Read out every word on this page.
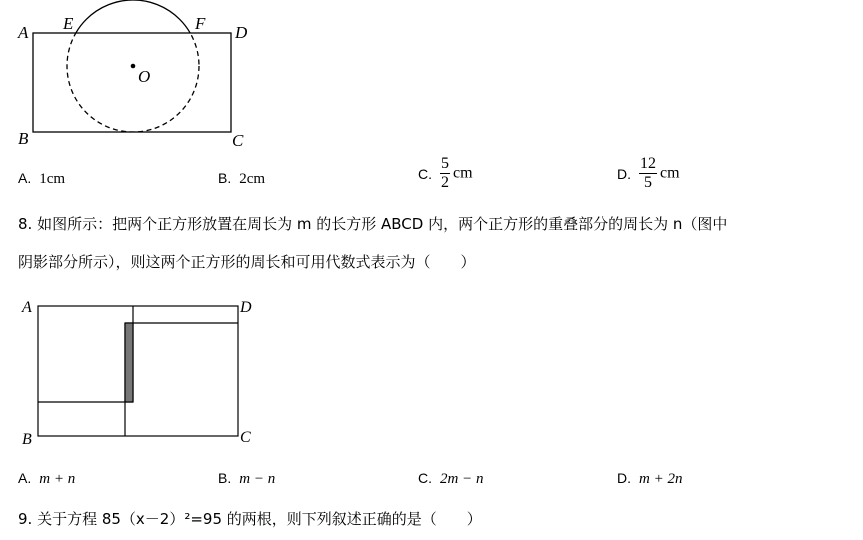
A E	F D
B	C
O
A. 1cm	B. 2cm	C. $\frac{5}{2}$ cm	D. $\frac{12}{5}$ cm
8. 如图所示：把两个正方形放置在周长为 m 的长方形 ABCD 内，两个正方形的重叠部分的周长为 n（图中
阴影部分所示），则这两个正方形的周长和可用代数式表示为（　　）
A	D
B	C
A. m + n	B. m − n	C. 2m − n	D. m + 2n
9. 关于方程 85（x－2）²=95 的两根，则下列叙述正确的是（　　）
